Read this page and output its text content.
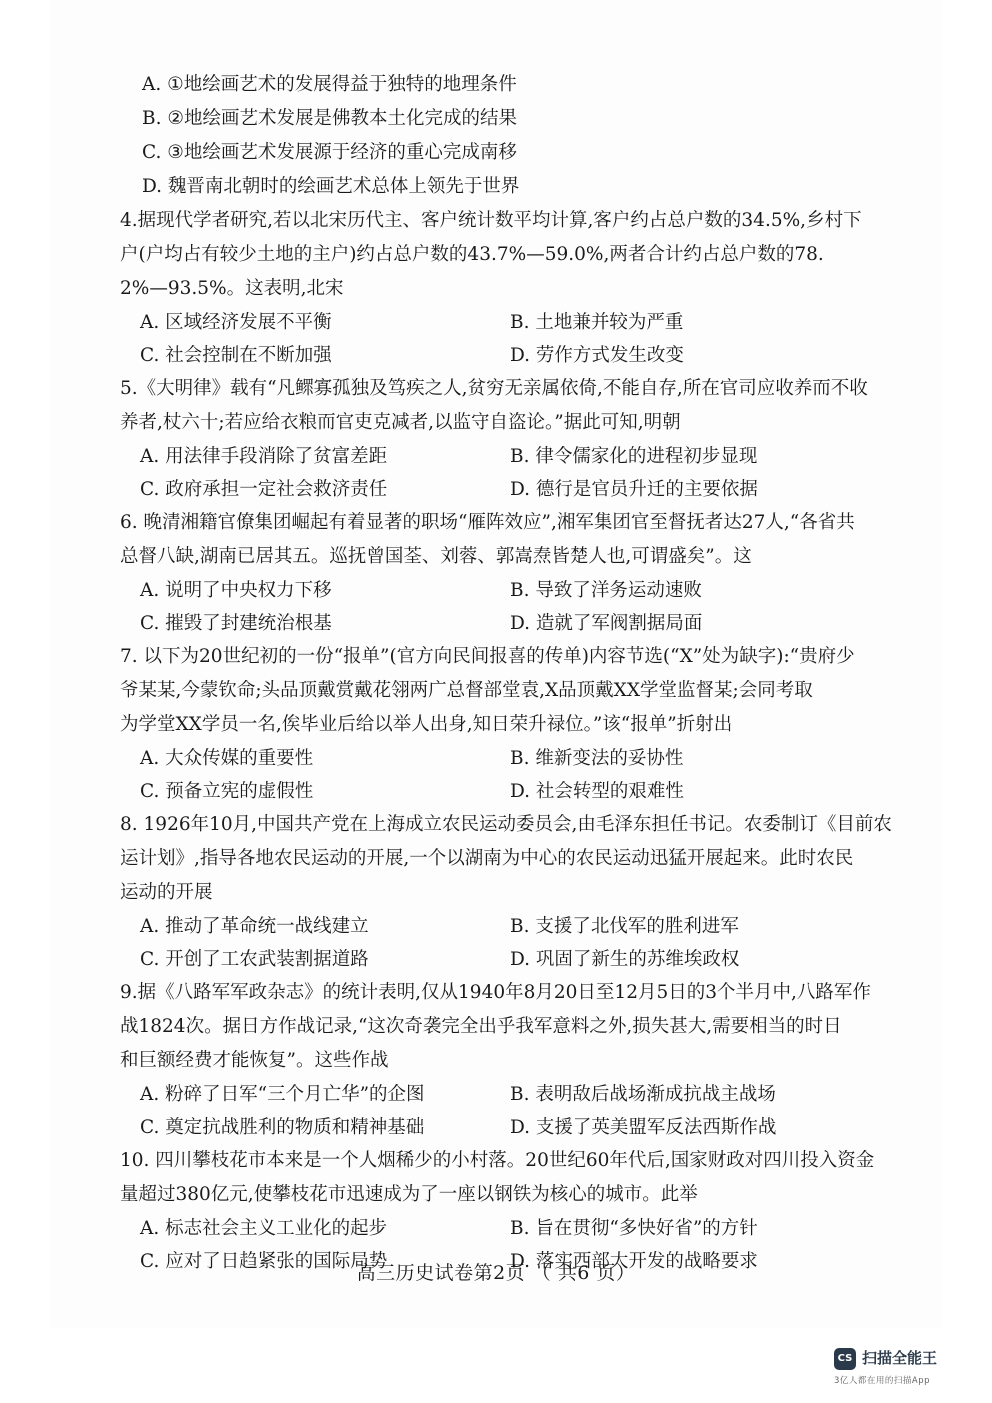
A. ①地绘画艺术的发展得益于独特的地理条件
B. ②地绘画艺术发展是佛教本土化完成的结果
C. ③地绘画艺术发展源于经济的重心完成南移
D. 魏晋南北朝时的绘画艺术总体上领先于世界
4.据现代学者研究,若以北宋历代主、客户统计数平均计算,客户约占总户数的34.5%,乡村下
户(户均占有较少土地的主户)约占总户数的43.7%—59.0%,两者合计约占总户数的78.
2%—93.5%。这表明,北宋
A. 区域经济发展不平衡	B. 土地兼并较为严重
C. 社会控制在不断加强	D. 劳作方式发生改变
5.《大明律》载有“凡鳏寡孤独及笃疾之人,贫穷无亲属依倚,不能自存,所在官司应收养而不收
养者,杖六十;若应给衣粮而官吏克减者,以监守自盗论。”据此可知,明朝
A. 用法律手段消除了贫富差距	B. 律令儒家化的进程初步显现
C. 政府承担一定社会救济责任	D. 德行是官员升迁的主要依据
6. 晚清湘籍官僚集团崛起有着显著的职场“雁阵效应”,湘军集团官至督抚者达27人,“各省共
总督八缺,湖南已居其五。巡抚曾国荃、刘蓉、郭嵩焘皆楚人也,可谓盛矣”。这
A. 说明了中央权力下移	B. 导致了洋务运动速败
C. 摧毁了封建统治根基	D. 造就了军阀割据局面
7. 以下为20世纪初的一份“报单”(官方向民间报喜的传单)内容节选(“X”处为缺字):“贵府少
爷某某,今蒙钦命;头品顶戴赏戴花翎两广总督部堂袁,X品顶戴XX学堂监督某;会同考取
为学堂XX学员一名,俟毕业后给以举人出身,知日荣升禄位。”该“报单”折射出
A. 大众传媒的重要性	B. 维新变法的妥协性
C. 预备立宪的虚假性	D. 社会转型的艰难性
8. 1926年10月,中国共产党在上海成立农民运动委员会,由毛泽东担任书记。农委制订《目前农
运计划》,指导各地农民运动的开展,一个以湖南为中心的农民运动迅猛开展起来。此时农民
运动的开展
A. 推动了革命统一战线建立	B. 支援了北伐军的胜利进军
C. 开创了工农武装割据道路	D. 巩固了新生的苏维埃政权
9.据《八路军军政杂志》的统计表明,仅从1940年8月20日至12月5日的3个半月中,八路军作
战1824次。据日方作战记录,“这次奇袭完全出乎我军意料之外,损失甚大,需要相当的时日
和巨额经费才能恢复”。这些作战
A. 粉碎了日军“三个月亡华”的企图	B. 表明敌后战场渐成抗战主战场
C. 奠定抗战胜利的物质和精神基础	D. 支援了英美盟军反法西斯作战
10. 四川攀枝花市本来是一个人烟稀少的小村落。20世纪60年代后,国家财政对四川投入资金
量超过380亿元,使攀枝花市迅速成为了一座以钢铁为核心的城市。此举
A. 标志社会主义工业化的起步	B. 旨在贯彻“多快好省”的方针
C. 应对了日趋紧张的国际局势	D. 落实西部大开发的战略要求
高三历史试卷第2页 （ 共6 页）
CS 扫描全能王
3亿人都在用的扫描App
